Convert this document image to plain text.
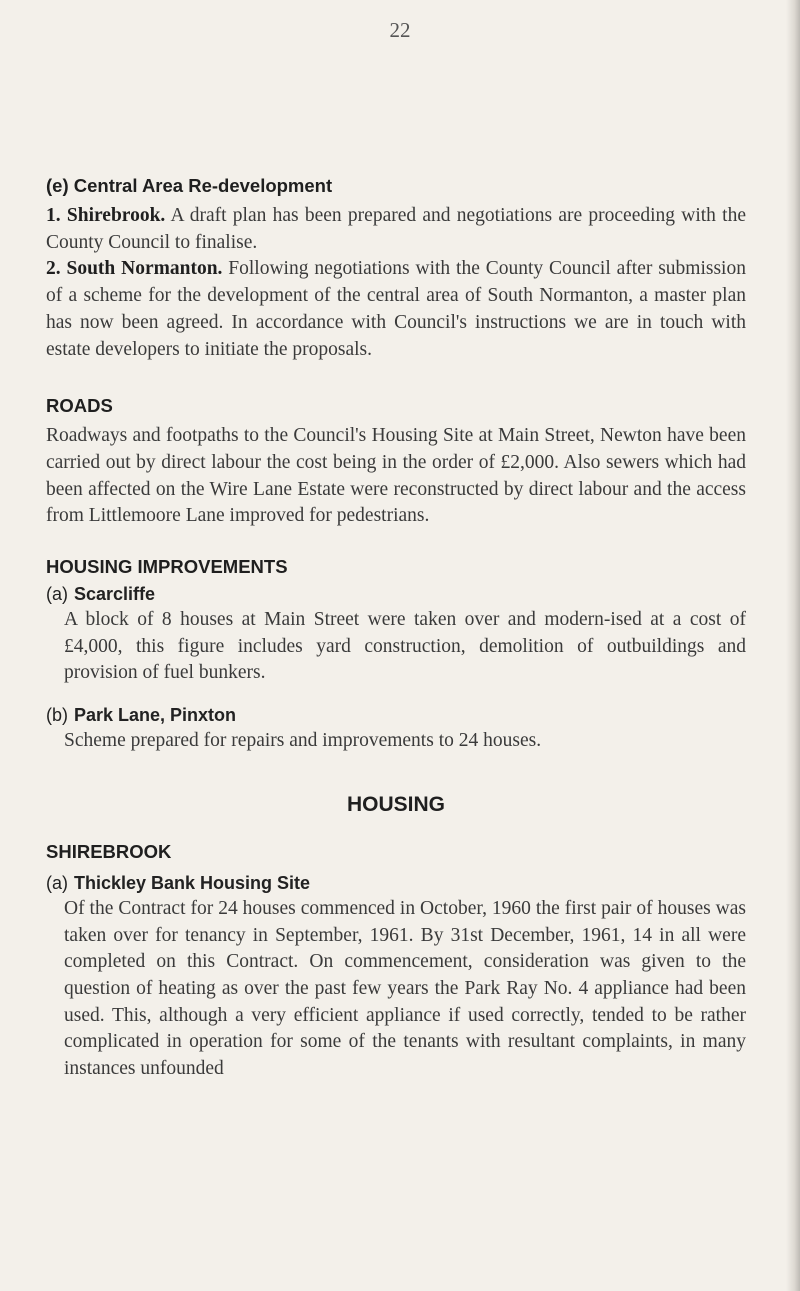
22
(e) Central Area Re-development

1. Shirebrook. A draft plan has been prepared and negotiations are proceeding with the County Council to finalise.

2. South Normanton. Following negotiations with the County Council after submission of a scheme for the development of the central area of South Normanton, a master plan has now been agreed. In accordance with Council's instructions we are in touch with estate developers to initiate the proposals.

ROADS

Roadways and footpaths to the Council's Housing Site at Main Street, Newton have been carried out by direct labour the cost being in the order of £2,000. Also sewers which had been affected on the Wire Lane Estate were reconstructed by direct labour and the access from Littlemoore Lane improved for pedestrians.

HOUSING IMPROVEMENTS
(a) Scarcliffe

A block of 8 houses at Main Street were taken over and modern-ised at a cost of £4,000, this figure includes yard construction, demolition of outbuildings and provision of fuel bunkers.

(b) Park Lane, Pinxton

Scheme prepared for repairs and improvements to 24 houses.

HOUSING
SHIREBROOK
(a) Thickley Bank Housing Site

Of the Contract for 24 houses commenced in October, 1960 the first pair of houses was taken over for tenancy in September, 1961. By 31st December, 1961, 14 in all were completed on this Contract. On commencement, consideration was given to the question of heating as over the past few years the Park Ray No. 4 appliance had been used. This, although a very efficient appliance if used correctly, tended to be rather complicated in operation for some of the tenants with resultant complaints, in many instances unfounded
